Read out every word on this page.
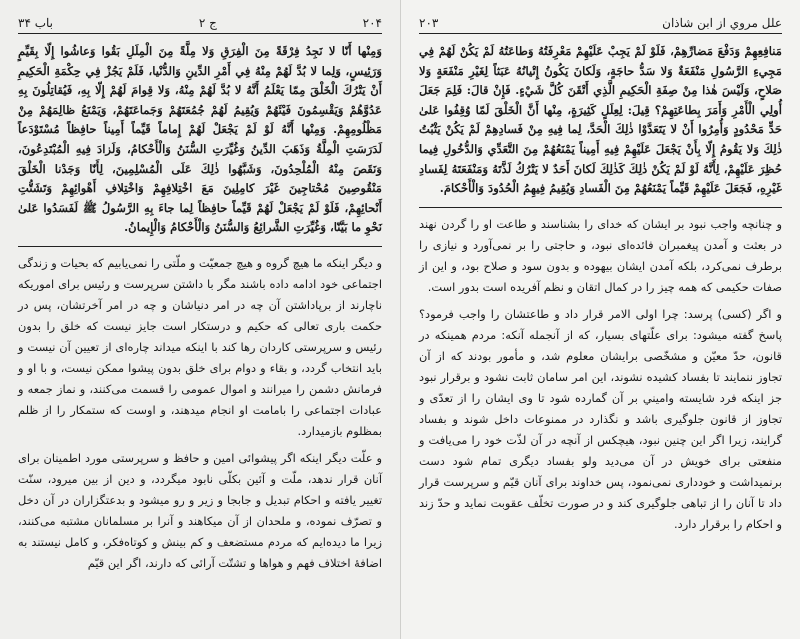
علل مروي از ابن شاذان
۲۰۳
مَنافِعِهِمْ وَدَفْعَ مَضارِّهِمْ، فَلَوْ لَمْ يَجِبْ عَلَيْهِمْ مَعْرِفَتُهُ وَطاعَتُهُ لَمْ يَكُنْ لَهُمْ فِي مَجِيءِ الرَّسُولِ مَنْفَعَةٌ وَلا سَدُّ حاجَةٍ، وَلَكانَ يَكُونُ إِتْيانُهُ عَبَثاً لِغَيْرِ مَنْفَعَةٍ وَلا صَلاحٍ، وَلَيْسَ هٰذا مِنْ صِفَةِ الْحَكِيمِ الَّذِي أَتْقَنَ كُلَّ شَيْءٍ. فَإِنْ قالَ: فَلِمَ جَعَلَ أُولِي الْأَمْرِ وَأَمَرَ بِطاعَتِهِمْ؟ قِيلَ: لِعِلَلٍ كَثِيرَةٍ، مِنْها أَنَّ الْخَلْقَ لَمّا وُقِفُوا عَلىٰ حَدٍّ مَحْدُودٍ وَأُمِرُوا أَنْ لا يَتَعَدَّوْا ذٰلِكَ الْحَدَّ، لِما فِيهِ مِنْ فَسادِهِمْ لَمْ يَكُنْ يَثْبُتُ ذٰلِكَ وَلا يَقُومُ إِلّا بِأَنْ يَجْعَلَ عَلَيْهِمْ فِيهِ أَمِيناً يَمْنَعُهُمْ مِنَ التَّعَدِّي وَالدُّخُولِ فِيما حُظِرَ عَلَيْهِمْ، لِأَنَّهُ لَوْ لَمْ يَكُنْ ذٰلِكَ كَذٰلِكَ لَكانَ أَحَدٌ لا يَتْرُكُ لَذَّتَهُ وَمَنْفَعَتَهُ لِفَسادِ غَيْرِهِ، فَجَعَلَ عَلَيْهِمْ قَيِّماً يَمْنَعُهُمْ مِنَ الْفَسادِ وَيُقِيمُ فِيهِمُ الْحُدُودَ وَالْأَحْكامَ.

و چنانچه واجب نبود بر ايشان كه خداى را بشناسند و طاعت او را گردن نهند در بعثت و آمدن پيغمبران فائده‌اى نبود، و حاجتى را بر نمى‌آورد و نيازى را برطرف نمى‌كرد، بلكه آمدن ايشان بيهوده و بدون سود و صلاح بود، و اين از صفات حكيمى كه همه چيز را در كمال اتقان و نظم آفريده است بدور است.

و اگر (كسى) پرسد: چرا اولى الامر قرار داد و طاعتشان را واجب فرمود؟ پاسخ گفته ميشود: براى علّتهاى بسيار، كه از آنجمله آنكه: مردم همينكه در قانون، حدّ معيّن و مشخّصى برايشان معلوم شد، و مأمور بودند كه از آن تجاوز ننمايند تا بفساد كشيده نشوند، اين امر سامان ثابت نشود و برقرار نبود جز اينكه فرد شايسته واميني بر آن گمارده شود تا وى ايشان را از تعدّى و تجاوز از قانون جلوگيرى باشد و نگذارد در ممنوعات داخل شوند و بفساد گرايند، زيرا اگر اين چنين نبود، هيچكس از آنچه در آن لذّت خود را مى‌يافت و منفعتى براى خويش در آن مى‌ديد ولو بفساد ديگرى تمام شود دست برنميداشت و خوددارى نمى‌نمود، پس خداوند براى آنان قيّم و سرپرست قرار داد تا آنان را از تباهى جلوگيرى كند و در صورت تخلّف عقوبت نمايد و حدّ زند و احكام را برقرار دارد.

۲۰۴
ج ۲
باب ۳۴
وَمِنْها أَنّا لا نَجِدُ فِرْقَةً مِنَ الْفِرَقِ وَلا مِلَّةً مِنَ الْمِلَلِ بَقُوا وَعاشُوا إِلّا بِقَيِّمٍ وَرَئِيسٍ، وَلِما لا بُدَّ لَهُمْ مِنْهُ فِي أَمْرِ الدِّينِ وَالدُّنْيا، فَلَمْ يَجُزْ فِي حِكْمَةِ الْحَكِيمِ أَنْ يَتْرُكَ الْخَلْقَ مِمّا يَعْلَمُ أَنَّهُ لا بُدَّ لَهُمْ مِنْهُ، وَلا قِوامَ لَهُمْ إِلّا بِهِ، فَيُقاتِلُونَ بِهِ عَدُوَّهُمْ وَيَقْسِمُونَ فَيْئَهُمْ وَيُقِيمُ لَهُمْ جُمُعَتَهُمْ وَجَماعَتَهُمْ، وَيَمْنَعُ ظالِمَهُمْ مِنْ مَظْلُومِهِمْ. وَمِنْها أَنَّهُ لَوْ لَمْ يَجْعَلْ لَهُمْ إِماماً قَيِّماً أَمِيناً حافِظاً مُسْتَوْدَعاً لَدَرَسَتِ الْمِلَّةُ وَذَهَبَ الدِّينُ وَغُيِّرَتِ السُّنَنُ وَالْأَحْكامُ، وَلَزادَ فِيهِ الْمُبْتَدِعُونَ، وَنَقَصَ مِنْهُ الْمُلْحِدُونَ، وَشَبَّهُوا ذٰلِكَ عَلَى الْمُسْلِمِينَ، لِأَنّا وَجَدْنا الْخَلْقَ مَنْقُوصِينَ مُحْتاجِينَ غَيْرَ كامِلِينَ مَعَ اخْتِلافِهِمْ وَاخْتِلافِ أَهْوائِهِمْ وَتَشَتُّتِ أَنْحائِهِمْ، فَلَوْ لَمْ يَجْعَلْ لَهُمْ قَيِّماً حافِظاً لِما جاءَ بِهِ الرَّسُولُ ﷺ لَفَسَدُوا عَلىٰ نَحْوِ ما بَيَّنّا، وَغُيِّرَتِ الشَّرائِعُ وَالسُّنَنُ وَالْأَحْكامُ وَالْإِيمانُ.

و ديگر اينكه ما هيچ گروه و هيچ جمعيّت و ملّتى را نمى‌يابيم كه بحيات و زندگى اجتماعى خود ادامه داده باشند مگر با داشتن سرپرست و رئيس براى اموريكه ناچارند از برپاداشتن آن چه در امر دنياشان و چه در امر آخرتشان، پس در حكمت بارى تعالى كه حكيم و درستكار است جايز نيست كه خلق را بدون رئيس و سرپرستى كاردان رها كند با اينكه ميداند چاره‌اى از تعيين آن نيست و بايد انتخاب گردد، و بقاء و دوام براى خلق بدون پيشوا ممكن نيست، و با او و فرمانش دشمن را ميرانند و اموال عمومى را قسمت مى‌كنند، و نماز جمعه و عبادات اجتماعى را بامامت او انجام ميدهند، و اوست كه ستمكار را از ظلم بمظلوم بازميدارد.

و علّت ديگر اينكه اگر پيشوائى امين و حافظ و سرپرستى مورد اطمينان براى آنان قرار ندهد، ملّت و آئين بكلّى نابود ميگردد، و دين از بين ميرود، سنّت تغيير يافته و احكام تبديل و جابجا و زير و رو ميشود و بدعتگزاران در آن دخل و تصرّف نموده، و ملحدان از آن ميكاهند و آنرا بر مسلمانان مشتبه مى‌كنند، زيرا ما ديده‌ايم كه مردم مستضعف و كم بينش و كوتاه‌فكر، و كامل نيستند به اضافهٔ اختلاف فهم و هواها و تشتّت آرائى كه دارند، اگر اين قيّم
